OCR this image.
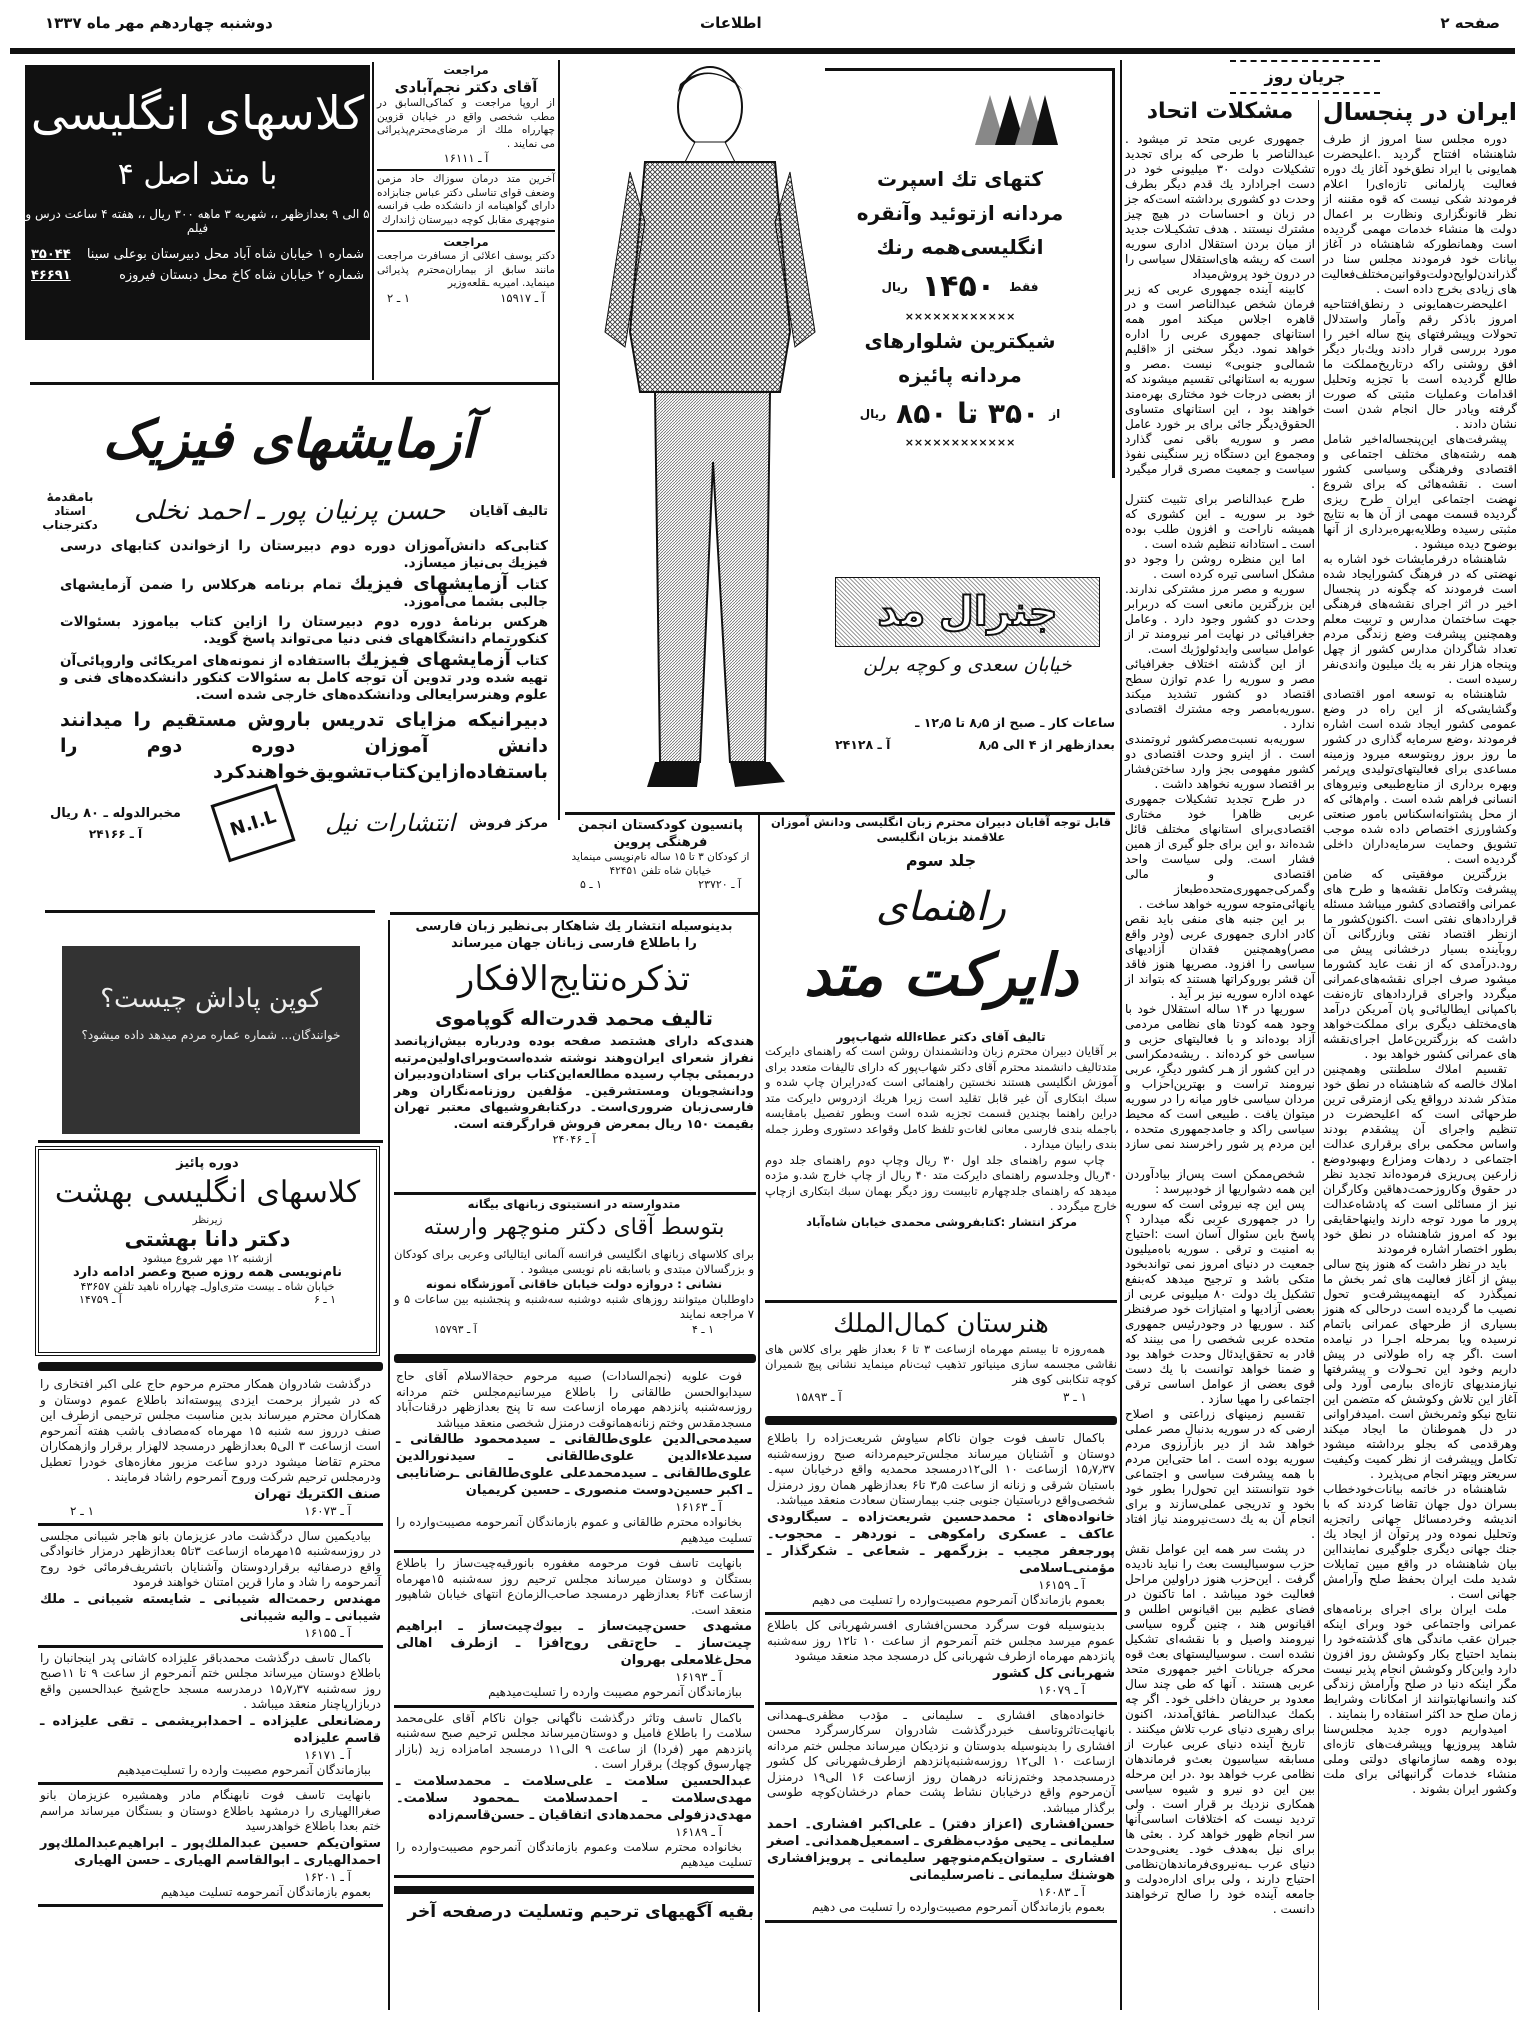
صفحه ۲
اطلاعات
دوشنبه چهاردهم مهر ماه ۱۳۳۷
جریان روز
ایران در پنجسال

دوره مجلس سنا امروز از طرف شاهنشاه افتتاح گردید .اعلیحضرت همایونی با ایراد نطق‌خود آغاز یك دوره فعالیت پارلمانی تازه‌ای‌را اعلام فرمودند شکی نیست که قوه مقننه از نظر قانونگزاری ونظارت بر اعمال دولت ها منشاء خدمات مهمی گردیده است وهمانطورکه شاهنشاه در آغاز بیانات خود فرمودند مجلس سنا در گذراندن‌لوایح‌دولت‌وقوانین‌مختلف‌فعالیت های زیادی بخرج داده است .

اعلیحضرت‌همایونی د رنطق‌افتتاحیه امروز باذکر رقم وآمار واستدلال تحولات وپیشرفتهای پنج ساله اخیر را مورد بررسی قرار دادند ویك‌بار دیگر افق روشنی راکه درتاریخ‌مملکت ما طالع گردیده است با تجزیه وتحلیل اقدامات وعملیات مثبتی که صورت گرفته ویادر حال انجام شدن است نشان دادند .

پیشرفت‌های این‌پنجساله‌اخیر شامل همه رشته‌های مختلف اجتماعی و اقتصادی وفرهنگی وسیاسی کشور است . نقشه‌هائی که برای شروع نهضت اجتماعی ایران طرح ریزی گردیده قسمت مهمی از آن ها به نتایج مثبتی رسیده وطلایه‌بهره‌برداری از آنها بوضوح دیده میشود .

شاهنشاه درفرمایشات خود اشاره به نهضتی که در فرهنگ کشورایجاد شده است فرمودند که چگونه در پنجسال اخیر در اثر اجرای نقشه‌های فرهنگی جهت ساختمان مدارس و تربیت معلم وهمچنین پیشرفت وضع زندگی مردم تعداد شاگردان مدارس کشور از چهل وپنجاه هزار نفر به یك میلیون واندی‌نفر رسیده است .

شاهنشاه به توسعه امور اقتصادی وگشایشی‌که از این راه در وضع عمومی کشور ایجاد شده است اشاره فرمودند ،وضع سرمایه گذاری در کشور ما روز بروز روبتوسعه میرود وزمینه مساعدی برای فعالیتهای‌تولیدی وپرثمر وبهره برداری از منابع‌طبیعی ونیروهای انسانی فراهم شده است . وام‌هائی که از محل پشتوانه‌اسکناس بامور صنعتی وکشاورزی اختصاص داده شده موجب تشویق وحمایت سرمایه‌داران داخلی گردیده است .

بزرگترین موفقیتی که ضامن پیشرفت وتکامل نقشه‌ها و طرح های عمرانی واقتصادی کشور میباشد مسئله قراردادهای نفتی است .اکنون‌کشور ما ازنظر اقتصاد نفتی وبازرگانی آن روبآینده بسیار درخشانی پیش می رود.درآمدی که از نفت عاید کشورما میشود صرف اجرای نقشه‌های‌عمرانی میگردد واجرای قراردادهای تازه‌نفت باکمپانی ایطالیائی‌و پان آمریکن درآمد های‌مختلف دیگری برای مملکت‌خواهد داشت که بزرگترین‌عامل اجرای‌نقشه های عمرانی کشور خواهد بود .

تقسیم املاك سلطنتی وهمچنین املاك خالصه که شاهنشاه در نطق خود متذکر شدند درواقع یکی ازمترقی ترین طرحهائی است که اعلیحضرت در تنظیم واجرای آن پیشقدم بودند واساس محکمی برای برقراری عدالت اجتماعی د ردهات ومزارع وبهبودوضع زارعین پی‌ریزی فرموده‌اند تجدید نظر در حقوق وکاروزحمت‌دهاقین وکارگران نیز از مسائلی است که پادشاه‌عدالت پرور ما مورد توجه دارند واینهاحقایقی بود که امروز شاهنشاه در نطق خود بطور اختصار اشاره فرمودند

باید در نظر داشت که هنوز پنج سالی بیش از آغاز فعالیت های ثمر بخش ما نمیگذرد که اینهمه‌پیشرفت‌و تحول نصیب ما گردیده است درحالی که هنوز بسیاری از طرحهای عمرانی باتمام نرسیده ویا بمرحله اجـرا در نیامده است .اگر چه راه طولانی در پیش داریم وخود این تحـولات و پیشرفتها نیازمندیهای تازه‌ای ببارمی آورد ولی آغاز این تلاش وکوشش که متضمن این نتایج نیکو وثمربخش است .امیدفراوانی در دل هموطنان ما ایجاد میکند وهرقدمی که بجلو برداشته میشود تکامل وپیشرفت از نظر کمیت وکیفیت سریعتر وبهتر انجام می‌پذیرد .

شاهنشاه در خاتمه بیانات‌خودخطاب بسران دول جهان تقاضا کردند که با اندیشه وخردمسائل جهانی راتجزیه وتحلیل نموده ودر پرتوآن از ایجاد یك جنك جهانی دیگری جلوگیری نمایندااین بیان شاهنشاه در واقع مبین تمایلات شدید ملت ایران بحفظ صلح وآرامش جهانی است .

ملت ایران برای اجرای برنامه‌های عمرانی واجتماعی خود وبرای اینکه جبران عقب ماندگی های گذشته‌خود را بنماید احتیاج بکار وکوشش روز افزون دارد واین‌کار وکوشش انجام پذیر نیست مگر اینکه دنیا در صلح وآرامش زندگی کند وانسانهابتوانند از امکانات وشرایط زمان صلح حد اکثر استفاده را بنمایند .

امیدواریم دوره جدید مجلس‌سنا شاهد پیروزیها وپیشرفت‌های تازه‌ای بوده وهمه سازمانهای دولتی وملی منشاء خدمات گرانبهائی برای ملت وکشور ایران بشوند .

مشکلات اتحاد

جمهوری عربی متحد تر میشود . عبدالناصر با طرحی که برای تجدید تشکیلات دولت ۳۰ میلیونی خود در دست اجرادارد یك قدم دیگر بطرف وحدت دو کشوری برداشته است‌که جز در زبان و احساسات در هیچ چیز مشترك نیستند . هدف تشکیـلات جدید از میان بردن استقلال اداری سوریه است که ریشه های‌استقلال سیاسی را در درون خود پروش‌میداد

کابینه آینده جمهوری عربی که زیر فرمان شخص عبدالناصر است و در قاهره اجلاس میکند امور همه استانهای جمهوری عربی را اداره خواهد نمود. دیگر سخنی از «اقلیم شمالی‌و جنوبی» نیست .مصر و سوریه به استانهائی تقسیم میشوند که از بعضی درجات خود مختاری بهره‌مند خواهند بود ، این استانهای متساوی الحقوق‌دیگر جائی برای بر خورد عامل مصر و سوریه باقی نمی گذارد ومجموع این دستگاه زیر سنگینی نفوذ سیاست و جمعیت مصری قرار میگیرد .

طرح عبدالناصر برای تثبیت کنترل خود بر سوریه ـ این کشوری که همیشه ناراحت و افزون طلب بوده است ـ استادانه تنظیم شده است .

اما این منظره روشن را وجود دو مشکل اساسی تیره کرده است .

سوریه و مصر مرز مشترکی ندارند. این بزرگترین مانعی است که دربرابر وحدت دو کشور وجود دارد . وعامل جغرافیائی در نهایت امر نیرومند تر از عوامل سیاسی وایدئولوژیك است.

از این گذشته اختلاف جغرافیائی مصر و سوریه را عدم توازن سطح اقتصاد دو کشور تشدید میکند .سوریه‌بامصر وجه مشترك اقتصادی ندارد .

سوریه‌به نسبت‌مصرکشور ثروتمندی است . از اینرو وحدت اقتصادی دو کشور مفهومی بجز وارد ساختن‌فشار بر اقتصاد سوریه نخواهد داشت .

در طرح تجدید تشکیلات جمهوری عربی ظاهرا خود مختاری اقتصادی‌برای استانهای مختلف قائل شده‌اند ،و این برای جلو گیری از همین فشار است. ولی سیاست واحد اقتصادی و مالی وگمرکی‌جمهوری‌متحده‌طبعاز یانهائی‌متوجه سوریه خواهد ساخت .

بر این جنبه های منفی باید نقص کادر اداری جمهوری عربی (ودر واقع مصر)وهمچنین فقدان آزادیهای سیاسی را افزود. مصریها هنوز فاقد آن قشر بوروکراتها هستند که بتواند از عهده اداره سوریه نیز بر آید .

سوریها در ۱۴ ساله استقلال خود با وجود همه کودتا های نظامی مردمی آزاد بوده‌اند و با فعالیتهای حزبی و سیاسی خو کرده‌اند . ریشه‌دمکراسی در این کشور از هـر کشور دیگرِ، عربی نیرومند تراست و بهترین‌احزاب و مردان سیاسی خاور میانه را در سوریه میتوان یافت . طبیعی است که محیط سیاسی راکد و جامدجمهوری متحده ، این مردم پر شور راخرسند نمی سازد .

شخص‌ممکن است پس‌از بیادآوردن این همه دشواریها از خودبپرسد :

پس این چه نیروئی است که سوریه را در جمهوری عربی نگه میدارد ؟ پاسخ باین سئوال آسان است :احتیاج به امنیت و ترقی . سوریه باه‌میلیون جمعیت در دنیای امروز نمی تواندبخود متکی باشد و ترجیح میدهد که‌بنفع تشکیل یك دولت ۸۰ میلیونی عربی از بعضی آزادیها و امتیازات خود صرفنظر کند . سوریها در وجودرئیس جمهوری متحده عربی شخصی را می بینند که قادر به تحقق‌ایدئال وحدت خواهد بود و ضمنا خواهد توانست با یك دست قوی بعضی از عوامل اساسی ترقی اجتماعی را مهیا سازد .

تقسیم زمینهای زراعتی و اصلاح ارضی که در سوریه بدنبال مصر عملی خواهد شد از دیر بازآرزوی مردم سوریه بوده است . اما حتی‌این مردم با همه پیشرفت سیاسی و اجتماعی خود نتوانستند این تحول‌را بطور خود بخود و تدریجی عملی‌سازند و برای انجام آن به یك دست‌نیرومند نیاز افتاد .

در پشت سر همه این عوامل نقش حزب سوسیالیست بعث را نباید نادیده گرفت . این‌حزب هنوز دراولین مراحل فعالیت خود میباشد . اما تاکنون در فضای عظیم بین اقیانوس اطلس و اقیانوس هند ، چنین گروه سیاسی نیرومند واصیل و با نقشه‌ای تشکیل نشده است . سوسیالیستهای بعث قوه محرکه جریانات اخیر جمهوری متحد عربی هستند . آنها که طی چند سال معدود بر حریفان داخلی خود۔ اگر چه بکمك عبدالناصر ـفائق‌آمدند، اکنون برای رهبری دنیای عرب تلاش میکنند .

تاریخ آینده دنیای عربی عبارت از مسابقه سیاسیون بعث‌و فرماندهان نظامی عرب خواهد بود .در این مرحله بین این دو نیرو و شیوه سیاسی همکاری نزدیك بر قرار است . ولی تردید نیست که اختلافات اساسی‌آنها سر انجام ظهور خواهد کرد . بعثی ها برای نیل به‌هدف خود۔ یعنی‌وحدت دنیای عرب ـبه‌نیروی‌فرماندهان‌نظامی احتیاج دارند ، ولی برای اداره‌دولت و جامعه آینده خود را صالح ترخواهند دانست .

کلاسهای انگلیسی
با متد اصل ۴
۵ الی ۹ بعدازظهر ،، شهریه ۳ ماهه ۳۰۰ ریال ،، هفته ۴ ساعت درس و فیلم
شماره ۱ خیابان شاه آباد محل دبیرستان بوعلی سینا
۳۵۰۴۴
شماره ۲ خیابان شاه کاخ محل دبستان فیروزه
۴۶۶۹۱
مراجعت
آقای دکتر نجم‌آبادی
از اروپا مراجعت و کماکی‌السابق در مطب شخصی واقع در خیابان قزوین چهارراه ملك از مرضای‌محترم‌پذیرائی می نمایند .
آ ـ ۱۶۱۱۱
آخرین متد درمان سوزاك حاد مزمن وضعف قوای تناسلی دکتر عباس جنابزاده دارای گواهینامه از دانشکده طب فرانسه منوچهری مقابل کوچه دبیرستان ژاندارك
مراجعت
دکتر یوسف اعلائی از مسافرت مراجعت مانند سابق از بیماران‌محترم پذیرائی مینماید. امیریه ـقلعه‌وزیر
آ ـ ۱۵۹۱۷
۱ ـ ۲
آزمایشهای فیزیک
تالیف آقایان
حسن پرنیان پور ـ احمد نخلی
بامقدمهٔ استاد دکترجناب

کتابی‌که دانش‌آموزان دوره دوم دبیرستان را ازخواندن کتابهای درسی فیزیك بی‌نیاز میسازد.

کتاب آزمایشهای فیزیك تمام برنامه هرکلاس را ضمن آزمایشهای جالبی بشما می‌آموزد.

هرکس برنامهٔ دوره دوم دبیرستان را ازاین کتاب بیاموزد بسئوالات کنکورتمام دانشگاههای فنی دنیا می‌تواند پاسخ گوید.

کتاب آزمایشهای فیزیك بااستفاده از نمونه‌های امریکائی واروپائی‌آن تهیه شده ودر تدوین آن توجه کامل به سئوالات کنکور دانشکده‌های فنی و علوم وهنرسرایعالی ودانشکده‌های خارجی شده است.

دبیرانیکه مزایای تدریس باروش مستقیم را میدانند دانش آموزان دوره دوم را باستفاده‌ازاین‌کتاب‌تشویق‌خواهندکرد

مرکز فروش
انتشارات نیل
N.I.L
مخبرالدوله ـ ۸۰ ریال
آ ـ ۲۴۱۶۶
کتهای تك اسپرت
مردانه ازتوئید وآنقره
انگلیسی‌همه رنك
فقط
۱۴۵۰
ریال
××××××××××××
شیکترین شلوارهای
مردانه پائیزه
از
۳۵۰ تا ۸۵۰
ریال
××××××××××××
جنرال مد
خیابان سعدی و کوچه برلن
ساعات کار ـ صبح از ۸٫۵ تا ۱۲٫۵ ـ
بعدازظهر از ۴ الی ۸٫۵
آ ـ ۲۴۱۲۸
پانسیون کودکستان انجمن
فرهنگی پروین
از کودکان ۳ تا ۱۵ ساله نام‌نویسی مینماید خیابان شاه تلفن ۴۲۴۵۱
آ ـ ۲۳۷۲۰
۱ ـ ۵
قابل توجه آقایان دبیران محترم زبان انگلیسی ودانش آموزان علاقمند بزبان انگلیسی
جلد سوم
راهنمای
دایرکت متد
تالیف آقای دکتر عطاءالله شهاب‌پور
بر آقایان دبیران محترم زبان ودانشمندان روشن است که راهنمای دایرکت متدتالیف دانشمند محترم آقای دکتر شهاب‌پور که دارای تالیفات متعدد برای آموزش انگلیسی هستند نخستین راهنمائی است که‌درایران چاپ شده و سبك ابتکاری آن غیر قابل تقلید است زیرا هریك ازدروس دایرکت متد دراین راهنما بچندین قسمت تجزیه شده است وبطور تفصیل بامقایسه باجمله بندی فارسی معانی لغات‌و تلفظ کامل وقواعد دستوری وطرز جمله بندی رابیان میدارد .
چاپ سوم راهنمای جلد اول ۳۰ ریال وچاپ دوم راهنمای جلد دوم ۴۰ریال وجلدسوم راهنمای دایرکت متد ۴۰ ریال از چاپ خارج شد.و مژده میدهد که راهنمای جلدچهارم تابیست روز دیگر بهمان سبك ابتکاری ازچاپ خارج میگردد .
مرکز انتشار :کتابفروشی محمدی خیابان شاه‌آباد
هنرستان کمال‌الملك
همه‌روزه تا بیستم مهرماه ازساعت ۳ تا ۶ بعداز ظهر برای کلاس های نقاشی مجسمه سازی مینیاتور تذهیب ثبت‌نام مینماید نشانی پیچ شمیران کوچه تنکابنی کوی هنر
۱ ـ ۳
آ ـ ۱۵۸۹۳
بدینوسیله انتشار یك شاهکار بی‌نظیر زبان فارسی
را باطلاع فارسی زبانان جهان میرساند
تذکره‌نتایج‌الافکار
تالیف محمد قدرت‌اله گوپاموی
هندی‌که دارای هشتصد صفحه بوده ودرباره بیش‌ازپانصد نفراز شعرای ایران‌وهند نوشته شده‌است‌وبرای‌اولین‌مرتبه دربمبئی بچاپ رسیده مطالعه‌این‌کتاب برای استادان‌ودبیران ودانشجویان ومستشرقین۔ مؤلفین روزنامه‌نگاران وهر فارسی‌زبان ضروری‌است۔ درکتابفروشیهای معتبر تهران بقیمت ۱۵۰ ریال بمعرض فروش قرارگرفته است.
آ ـ ۲۴۰۴۶
متدوارسته در انستیتوی زبانهای بیگانه
بتوسط آقای دکتر منوچهر وارسته
برای کلاسهای زبانهای انگلیسی فرانسه آلمانی ایتالیائی وعربی برای کودکان و بزرگسالان مبتدی و باسابقه نام نویسی میشود .
نشانی : دروازه دولت خیابان خاقانی آموزشگاه نمونه
داوطلبان میتوانند روزهای شنبه دوشنبه سه‌شنبه و پنجشنبه بین ساعات ۵ و ۷ مراجعه نمایند
۱ ـ ۴
آ ـ ۱۵۷۹۳
کوپن پاداش چیست؟
خوانندگان... شماره عماره مردم میدهد داده میشود؟
دوره پائیز
کلاسهای انگلیسی بهشت
زیرنظر
دکتر دانا بهشتی
ازشنبه ۱۲ مهر شروع میشود
نام‌نویسی همه روزه صبح وعصر ادامه دارد
خیابان شاه ـ بیست متری‌اول‌ـ چهارراه ناهید تلفن ۴۳۶۵۷
۱ ـ ۶
آ ـ ۱۴۷۵۹

درگذشت شادروان همکار محترم مرحوم حاج علی اکبر افتخاری را که در شیراز برحمت ایزدی پیوسته‌اند باطلاع عموم دوستان و همکاران محترم میرساند بدین مناسبت مجلس ترحیمی ازطرف این صنف درروز سه شنبه ۱۵ مهرماه که‌مصادف باشب هفته آنمرحوم است ازساعت ۳ الی۵ بعدازظهر درمسجد لالهزار برقرار وازهمکاران محترم تقاضا میشود دردو ساعت مزبور مغازه‌های خودرا تعطیل ودرمجلس ترحیم شرکت وروح آنمرحوم راشاد فرمایند .

صنف الکتریك تهران

آ ـ ۱۶۰۷۳
۱ ـ ۲

بیادیکمین سال درگذشت مادر عزیزمان بانو هاجر شیبانی مجلسی در روزسه‌شنبه ۱۵مهرماه ازساعت ۳تا۵ بعدازظهر درمزار خانوادگی واقع درصفائیه برقراردوستان وآشنایان باتشریف‌فرمائی خود روح آنمرحومه را شاد و مارا قرین امتنان خواهند فرمود

مهندس رحمت‌اله شیبانی ـ شایسته شیبانی ـ ملك شیبانی ـ والیه شیبانی

آ ـ ۱۶۱۵۵

باکمال تاسف درگذشت محمدباقر علیزاده کاشانی پدر اینجانبان را باطلاع دوستان میرساند مجلس ختم آنمرحوم از ساعت ۹ تا ۱۱صبح روز سه‌شنبه ۱۵٫۷٫۳۷ درمدرسه مسجد حاج‌شیخ عبدالحسین واقع دربازارپاچنار منعقد میباشد .

رمضانعلی علیزاده ـ احمدابریشمی ـ تقی علیزاده ـ قاسم علیزاده

آ ـ ۱۶۱۷۱

ببازماندگان آنمرحوم مصیبت وارده را تسلیت‌میدهیم

بانهایت تاسف فوت نابهنگام مادر وهمشیره عزیزمان بانو صغراالهیاری را درمشهد باطلاع دوستان و بستگان میرساند مراسم ختم بعدا باطلاع خواهدرسید

ستوان‌یکم حسین عبدالملك‌پور ـ ابراهیم‌عبدالملك‌پور احمدالهیاری ـ ابوالقاسم الهیاری ـ حسن الهیاری

آ ـ ۱۶۲۰۱

بعموم بازماندگان آنمرحومه تسلیت میدهیم

فوت علویه (نجم‌السادات) صبیه مرحوم حجة‌الاسلام آقای حاج سیدابوالحسن طالقانی را باطلاع میرسانیم‌مجلس ختم مردانه روزسه‌شنبه پانزدهم مهرماه ازساعت سه تا پنج بعدازظهر درقنات‌آباد مسجدمقدس وختم زنانه‌همانوقت درمنزل شخصی منعقد میباشد

سیدمحی‌الدین علوی‌طالقانی ـ سیدمحمود طالقانی ـ سیدعلاءالدین علوی‌طالقانی ـ سیدنورالدین علوی‌طالقانی ـ سیدمحمدعلی علوی‌طالقانی ـرضانایبی ـ اکبر حسین‌دوست منصوری ـ حسین کریمیان

آ ـ ۱۶۱۶۳

بخانواده محترم طالقانی و عموم بازماندگان آنمرحومه مصیبت‌وارده را تسلیت میدهیم

بانهایت تاسف فوت مرحومه مغفوره بانورقیه‌چیت‌ساز را باطلاع بستگان و دوستان میرساند مجلس ترحیم روز سه‌شنبه ۱۵مهرماه ازساعت ۴تا۶ بعدازظهر درمسجد صاحب‌الزمان‌ع انتهای خیابان شاهپور منعقد است.

مشهدی حسن‌چیت‌ساز ـ بیوك‌چیت‌ساز ـ ابراهیم چیت‌ساز ـ حاج‌تقی روح‌افزا ـ ازطرف اهالی محل‌غلامعلی بهروان

آ ـ ۱۶۱۹۳

ببازماندگان آنمرحوم مصیبت وارده را تسلیت‌میدهیم

باکمال تاسف وتاثر درگذشت ناگهانی جوان ناکام آقای علی‌محمد سلامت را باطلاع فامیل و دوستان‌میرساند مجلس ترحیم صبح سه‌شنبه پانزدهم مهر (فردا) از ساعت ۹ الی۱۱ درمسجد امامزاده زید (بازار چهارسوق کوچك) برقرار است .

عبدالحسین سلامت ـ علی‌سلامت ـ محمدسلامت ـ مهدی‌سلامت ـ احمدسلامت ـمحمود سلامت۔ مهدی‌دزفولی محمدهادی اتفاقیان ـ حسن‌قاسم‌زاده

آ ـ ۱۶۱۸۹

بخانواده محترم سلامت وعموم بازماندگان آنمرحوم مصیبت‌وارده را تسلیت میدهیم

بقیه آگهیهای ترحیم وتسلیت درصفحه آخر

باکمال تاسف فوت جوان ناکام سیاوش شریعت‌زاده را باطلاع دوستان و آشنایان میرساند مجلس‌ترحیم‌مردانه صبح روزسه‌شنبه ۱۵٫۷٫۳۷ ازساعت ۱۰ الی۱۲درمسجد محمدیه واقع درخیابان سپه۔ باستیان شرقی و زنانه از ساعت ۳٫۵ تا۶ بعدازظهر همان روز درمنزل شخصی‌واقع درباستیان جنوبی جنب بیمارستان سعادت منعقد میباشد.

خانواده‌های : محمدحسین شریعت‌زاده ـ سیگارودی عاکف ـ عسکری رامکوهی ـ نوردهر ـ محجوب۔ پورجعفر مجیب ـ بزرگمهر ـ شعاعی ـ شکرگذار ـ مؤمنی‌ـاسلامی

آ ـ ۱۶۱۵۹

بعموم بازماندگان آنمرحوم مصیبت‌وارده را تسلیت می دهیم

بدینوسیله فوت سرگرد محسن‌افشاری افسرشهربانی کل باطلاع عموم میرسد مجلس ختم آنمرحوم از ساعت ۱۰ تا۱۲ روز سه‌شنبه پانزدهم مهرماه ازطرف شهربانی کل درمسجد مجد منعقد میشود

شهربانی کل کشور

آ ـ ۱۶۰۷۹

خانواده‌های افشاری ـ سلیمانی ـ مؤدب مظفری‌ـهمدانی بانهایت‌تاثروتاسف خبردرگذشت شادروان سرکارسرگرد محسن افشاری را بدینوسیله بدوستان و نزدیکان میرساند مجلس ختم مردانه ازساعت ۱۰ الی۱۲ روزسه‌شنبه‌پانزدهم ازطرف‌شهربانی کل کشور درمسجدمجد وختم‌زنانه درهمان روز ازساعت ۱۶ الی۱۹ درمنزل آن‌مرحوم واقع درخیابان نشاط پشت حمام درخشان‌کوچه طوسی برگذار میباشد.

حسن‌افشاری (اعزاز دفتر) ـ علی‌اکبر افشاری۔ احمد سلیمانی ـ یحیی مؤدب‌مظفری ـ اسمعیل‌همدانی۔ اصغر افشاری ـ ستوان‌یکم‌منوچهر سلیمانی ـ پرویزافشاری هوشنك سلیمانی ـ ناصرسلیمانی

آ ـ ۱۶۰۸۳

بعموم بازماندگان آنمرحوم مصیبت‌وارده را تسلیت می دهیم
